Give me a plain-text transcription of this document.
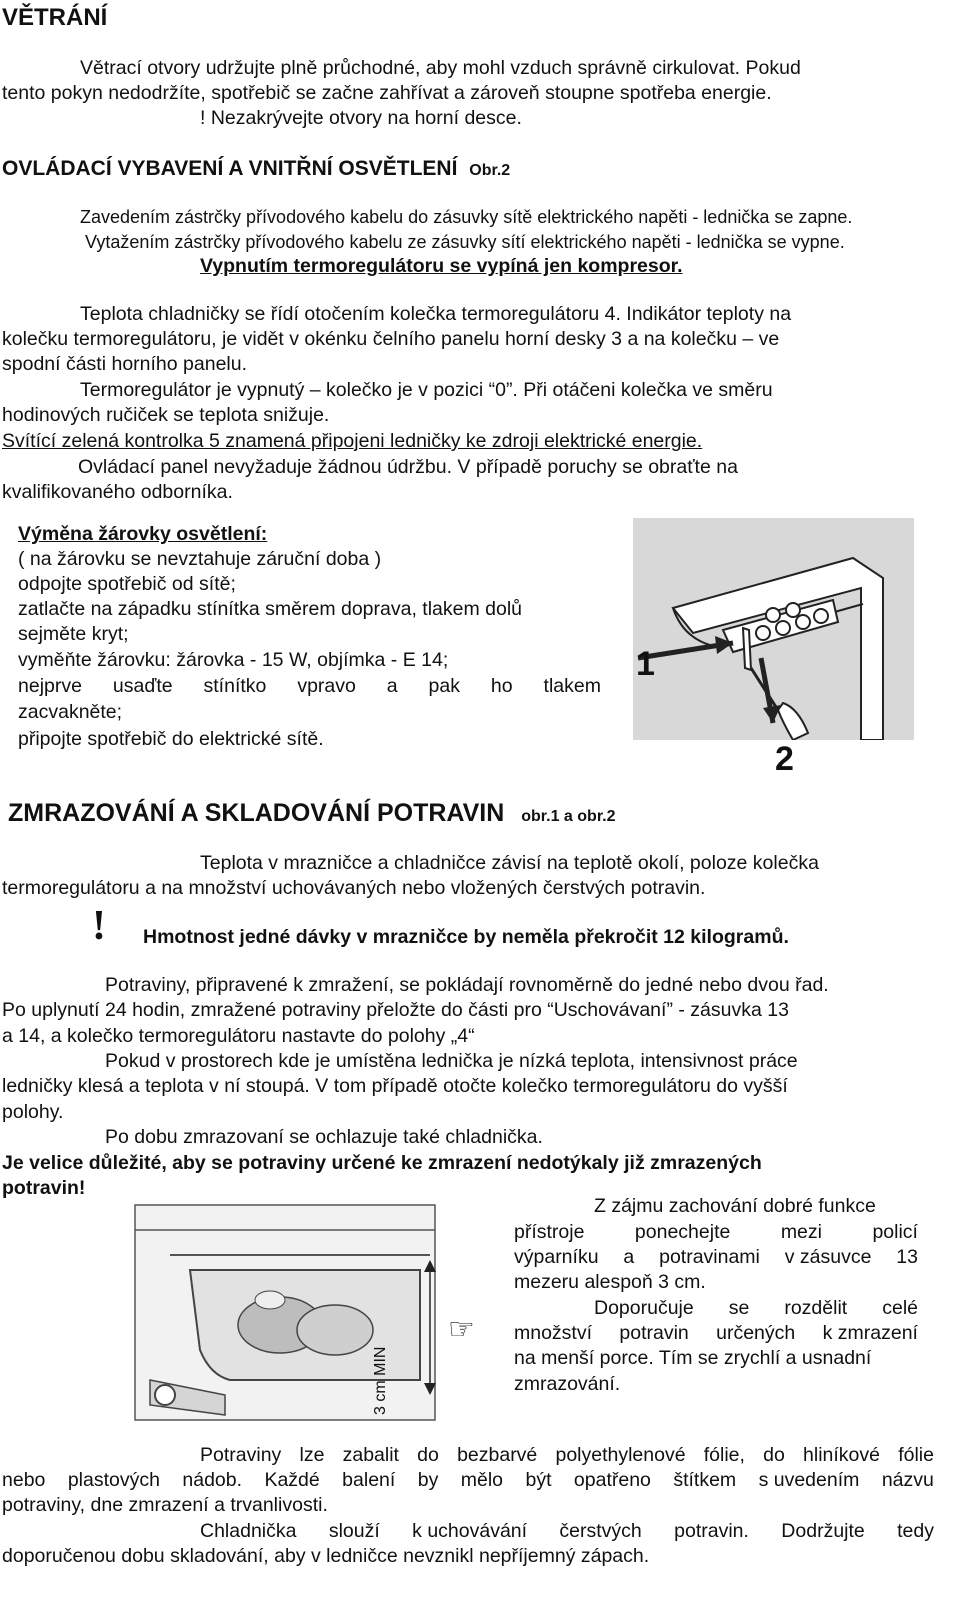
VĚTRÁNÍ
Větrací otvory udržujte plně průchodné, aby mohl vzduch správně cirkulovat. Pokud
tento pokyn nedodržíte, spotřebič se začne zahřívat a zároveň stoupne spotřeba energie.
! Nezakrývejte otvory na horní desce.
OVLÁDACÍ VYBAVENÍ A VNITŘNÍ OSVĚTLENÍ Obr.2
Zavedením zástrčky přívodového kabelu do zásuvky sítě elektrického napěti - lednička se zapne.
Vytažením zástrčky přívodového kabelu ze zásuvky sítí elektrického napěti - lednička se vypne.
Vypnutím termoregulátoru se vypíná jen kompresor.
Teplota chladničky se řídí otočením kolečka termoregulátoru 4. Indikátor teploty na
kolečku termoregulátoru, je vidět v okénku čelního panelu horní desky 3 a na kolečku – ve
spodní části horního panelu.
Termoregulátor je vypnutý – kolečko je v pozici “0”. Při otáčeni kolečka ve směru
hodinových ručiček se teplota snižuje.
Svítící zelená kontrolka 5 znamená připojeni ledničky ke zdroji elektrické energie.
Ovládací panel nevyžaduje žádnou údržbu. V případě poruchy se obraťte na
kvalifikovaného odborníka.
Výměna žárovky osvětlení:
( na žárovku se nevztahuje záruční doba )
odpojte spotřebič od sítě;
zatlačte na západku stínítka směrem doprava, tlakem dolů
sejměte kryt;
vyměňte žárovku: žárovka - 15 W, objímka - E 14;
nejprve usaďte stínítko vpravo a pak ho tlakem
zacvakněte;
připojte spotřebič do elektrické sítě.
1
2
ZMRAZOVÁNÍ A SKLADOVÁNÍ POTRAVIN obr.1 a obr.2
Teplota v mrazničce a chladničce závisí na teplotě okolí, poloze kolečka
termoregulátoru a na množství uchovávaných nebo vložených čerstvých potravin.
! Hmotnost jedné dávky v mrazničce by neměla překročit 12 kilogramů.
Potraviny, připravené k zmražení, se pokládají rovnoměrně do jedné nebo dvou řad.
Po uplynutí 24 hodin, zmražené potraviny přeložte do části pro “Uschovávaní” - zásuvka 13
a 14, a kolečko termoregulátoru nastavte do polohy „4“
Pokud v prostorech kde je umístěna lednička je nízká teplota, intensivnost práce
ledničky klesá a teplota v ní stoupá. V tom případě otočte kolečko termoregulátoru do vyšší
polohy.
Po dobu zmrazovaní se ochlazuje také chladnička.
Je velice důležité, aby se potraviny určené ke zmrazení nedotýkaly již zmrazených
potravin!
3 cm MIN
☞
Z zájmu zachování dobré funkce
přístroje	ponechejte	mezi	policí
výparníku a potravinami v zásuvce 13
mezeru alespoň 3 cm.
Doporučuje se rozdělit celé
množství potravin určených k zmrazení
na menší porce. Tím se zrychlí a usnadní
zmrazování.
Potraviny lze zabalit do bezbarvé polyethylenové fólie, do hliníkové fólie
nebo plastových nádob. Každé balení by mělo být opatřeno štítkem s uvedením názvu
potraviny, dne zmrazení a trvanlivosti.
Chladnička slouží k uchovávání čerstvých potravin. Dodržujte tedy
doporučenou dobu skladování, aby v ledničce nevznikl nepříjemný zápach.
